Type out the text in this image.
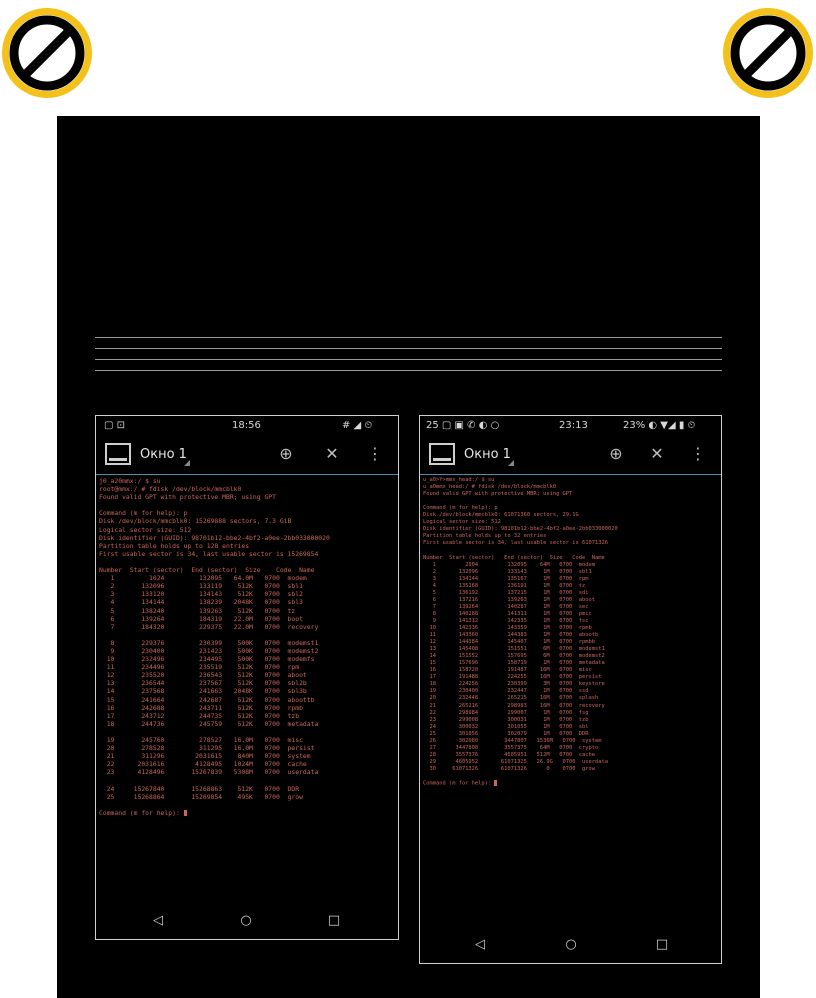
▢ ⊡	18:56	# ◢ ⏲
Окно 1	⊕ ✕ ⋮
j0_a20mmx:/ $ su
root@mmx:/ # fdisk /dev/block/mmcblk0
Found valid GPT with protective MBR; using GPT

Command (m for help): p
Disk /dev/block/mmcblk0: 15269888 sectors, 7.3 GiB
Logical sector size: 512
Disk identifier (GUID): 98701b12-bbe2-4bf2-a0ee-2bb033000020
Partition table holds up to 128 entries
First usable sector is 34, last usable sector is 15269854

Number  Start (sector)  End (sector)  Size    Code  Name
1         1024         132095   64.0M   0700  modem
2       132096         133119    512K   0700  sbl1
3       133120         134143    512K   0700  sbl2
4       134144         138239   2048K   0700  sbl3
5       138240         139263    512K   0700  tz
6       139264         184319   22.0M   0700  boot
7       184320         229375   22.0M   0700  recovery

8       229376         230399    500K   0700  modemst1
9       230400         231423    500K   0700  modemst2
10       232496         234495    500K   0700  modemfs
11       234496         235519    512K   0700  rpm
12       235520         236543    512K   0700  aboot
13       236544         237567    512K   0700  sbl2b
14       237568         241663   2048K   0700  sbl3b
15       241664         242687    512K   0700  aboottb
16       242688         243711    512K   0700  rpmb
17       243712         244735    512K   0700  tzb
18       244736         245759    512K   0700  metadata

19       245760         278527   16.0M   0700  misc
20       278528         311295   16.0M   0700  persist
21       311296        2031615    840M   0700  system
22      2031616        4128495   1024M   0700  cache
23      4128496       15267839   5308M   0700  userdata

24     15267840       15268863    512K   0700  DDR
25     15268864       15269854    495K   0700  grow

Command (m for help):
◁	○	□
25 ▢ ▣ ✆ ◐ ○	23:13	23% ◐ ▼◢ ▮ ⏲
Окно 1	⊕ ✕ ⋮
u_a0>f>mmx_head:/ $ su
u_a0mmx_head:/ # fdisk /dev/block/mmcblk0
Found valid GPT with protective MBR; using GPT

Command (m for help): p
Disk /dev/block/mmcblk0: 61071360 sectors, 29.1G
Logical sector size: 512
Disk identifier (GUID): 98101b12-bbe2-4bf2-a0ee-2bb033000020
Partition table holds up to 32 entries
First usable sector is 34, last usable sector is 61071326

Number  Start (sector)   End (sector)  Size   Code  Name
1         2004         132095    64M   0700  modem
2       132096         133143     1M   0700  sbl1
3       134144         135167     1M   0700  rpm
4       135168         136191     1M   0700  tz
5       136192         137215     1M   0700  sdi
6       137216         139263     1M   0700  aboot
7       139264         140287     1M   0700  sec
8       140288         141311     1M   0700  pmic
9       141312         142335     1M   0700  fsc
10       142336         143359     1M   0700  rpmb
11       143360         144383     1M   0700  abootb
12       144384         145407     1M   0700  rpmbb
13       145408         151551     6M   0700  modemst1
14       151552         157695     6M   0700  modemst2
15       157696         158719     1M   0700  metadata
16       158720         191487    16M   0700  misc
17       191488         224255    16M   0700  persist
18       224256         230399     3M   0700  keystore
19       230400         232447     1M   0700  ssd
20       232448         265215    16M   0700  splash
21       265216         298983    16M   0700  recovery
22       298984         299007     1M   0700  fsg
23       299008         300031     1M   0700  tzb
24       300032         301055     1M   0700  sbl
25       301056         302079     1M   0700  DDR
26       302080        3447807   1536M   0700  system
27      3447808        3557375    64M   0700  crypto
28      3557376        4605951   512M   0700  cache
29      4605952       61071325   26.9G   0700  userdata
30     61071326       61071326      0    0700  grow

Command (m for help):
◁	○	□
